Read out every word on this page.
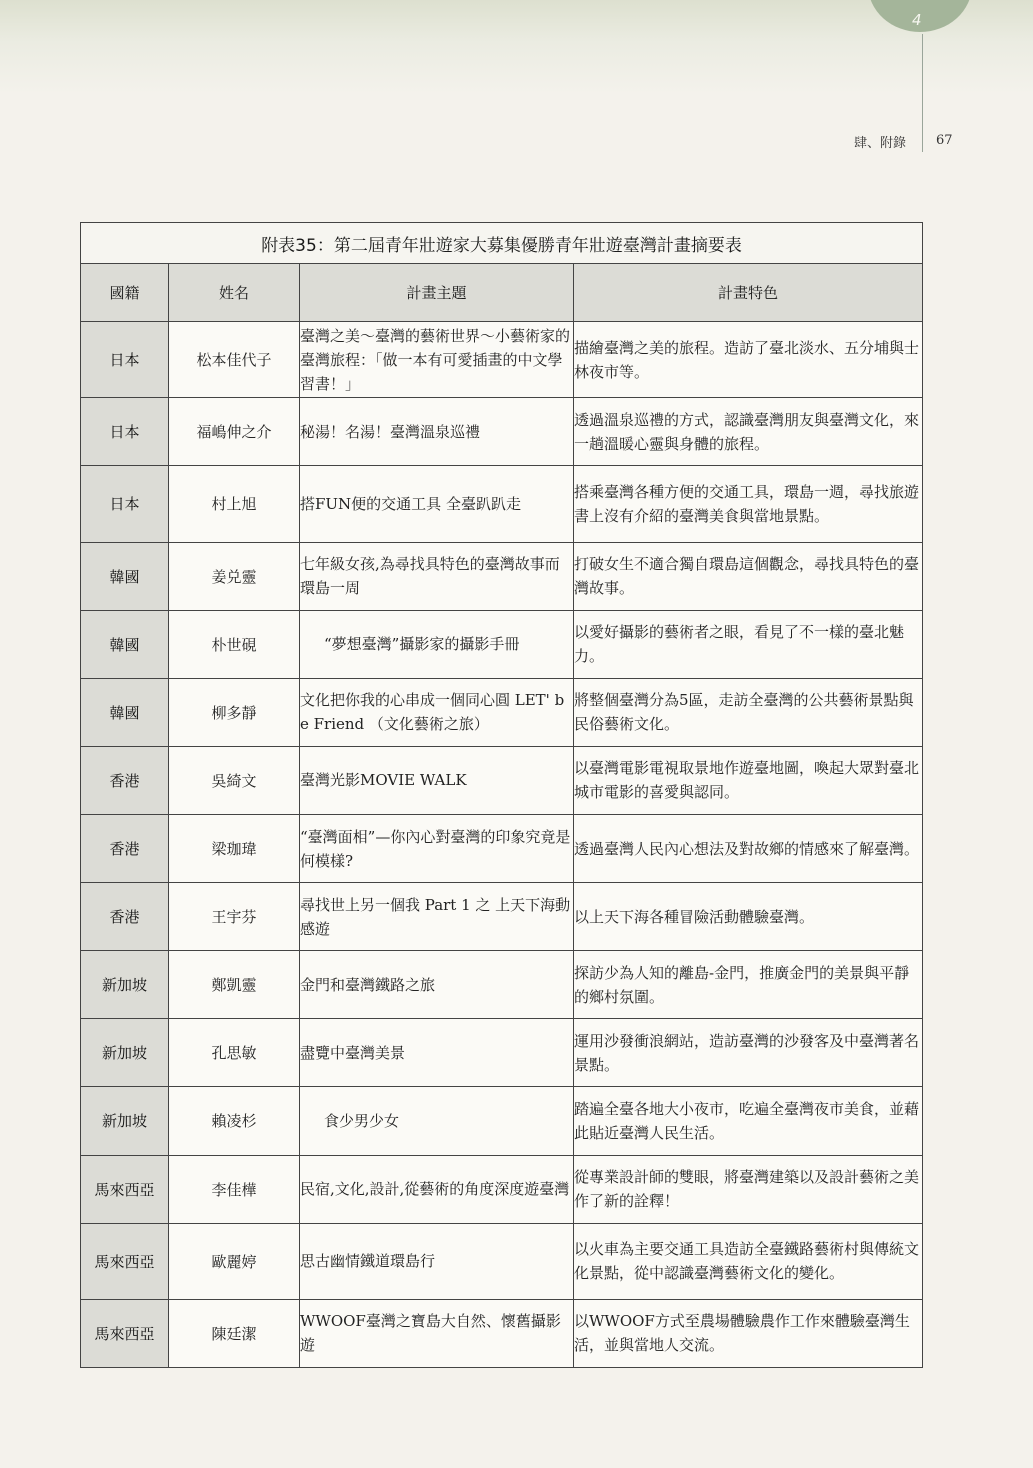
4
肆、附錄 67
附表35：第二屆青年壯遊家大募集優勝青年壯遊臺灣計畫摘要表			
國籍	姓名	計畫主題	計畫特色
日本	松本佳代子	臺灣之美～臺灣的藝術世界～小藝術家的臺灣旅程：「做一本有可愛插畫的中文學習書！」	描繪臺灣之美的旅程。造訪了臺北淡水、五分埔與士林夜市等。
日本	福嶋伸之介	秘湯！名湯！臺灣溫泉巡禮	透過溫泉巡禮的方式，認識臺灣朋友與臺灣文化，來一趟溫暖心靈與身體的旅程。
日本	村上旭	搭FUN便的交通工具 全臺趴趴走	搭乘臺灣各種方便的交通工具，環島一週，尋找旅遊書上沒有介紹的臺灣美食與當地景點。
韓國	姜兑靈	七年級女孩,為尋找具特色的臺灣故事而環島一周	打破女生不適合獨自環島這個觀念，尋找具特色的臺灣故事。
韓國	朴世硯	“夢想臺灣”攝影家的攝影手冊	以愛好攝影的藝術者之眼，看見了不一樣的臺北魅力。
韓國	柳多靜	文化把你我的心串成一個同心圓 LET' be Friend （文化藝術之旅）	將整個臺灣分為5區，走訪全臺灣的公共藝術景點與民俗藝術文化。
香港	吳綺文	臺灣光影MOVIE WALK	以臺灣電影電視取景地作遊臺地圖，喚起大眾對臺北城市電影的喜愛與認同。
香港	梁珈瑋	“臺灣面相”—你內心對臺灣的印象究竟是何模樣?	透過臺灣人民內心想法及對故鄉的情感來了解臺灣。
香港	王宇芬	尋找世上另一個我 Part 1 之 上天下海動感遊	以上天下海各種冒險活動體驗臺灣。
新加坡	鄭凱靈	金門和臺灣鐵路之旅	探訪少為人知的離島-金門，推廣金門的美景與平靜的鄉村氛圍。
新加坡	孔思敏	盡覽中臺灣美景	運用沙發衝浪網站，造訪臺灣的沙發客及中臺灣著名景點。
新加坡	賴凌杉	食少男少女	踏遍全臺各地大小夜市，吃遍全臺灣夜市美食，並藉此貼近臺灣人民生活。
馬來西亞	李佳樺	民宿,文化,設計,從藝術的角度深度遊臺灣	從專業設計師的雙眼，將臺灣建築以及設計藝術之美作了新的詮釋！
馬來西亞	歐麗婷	思古幽情鐵道環島行	以火車為主要交通工具造訪全臺鐵路藝術村與傳統文化景點，從中認識臺灣藝術文化的變化。
馬來西亞	陳廷潔	WWOOF臺灣之寶島大自然、懷舊攝影遊	以WWOOF方式至農場體驗農作工作來體驗臺灣生活，並與當地人交流。
